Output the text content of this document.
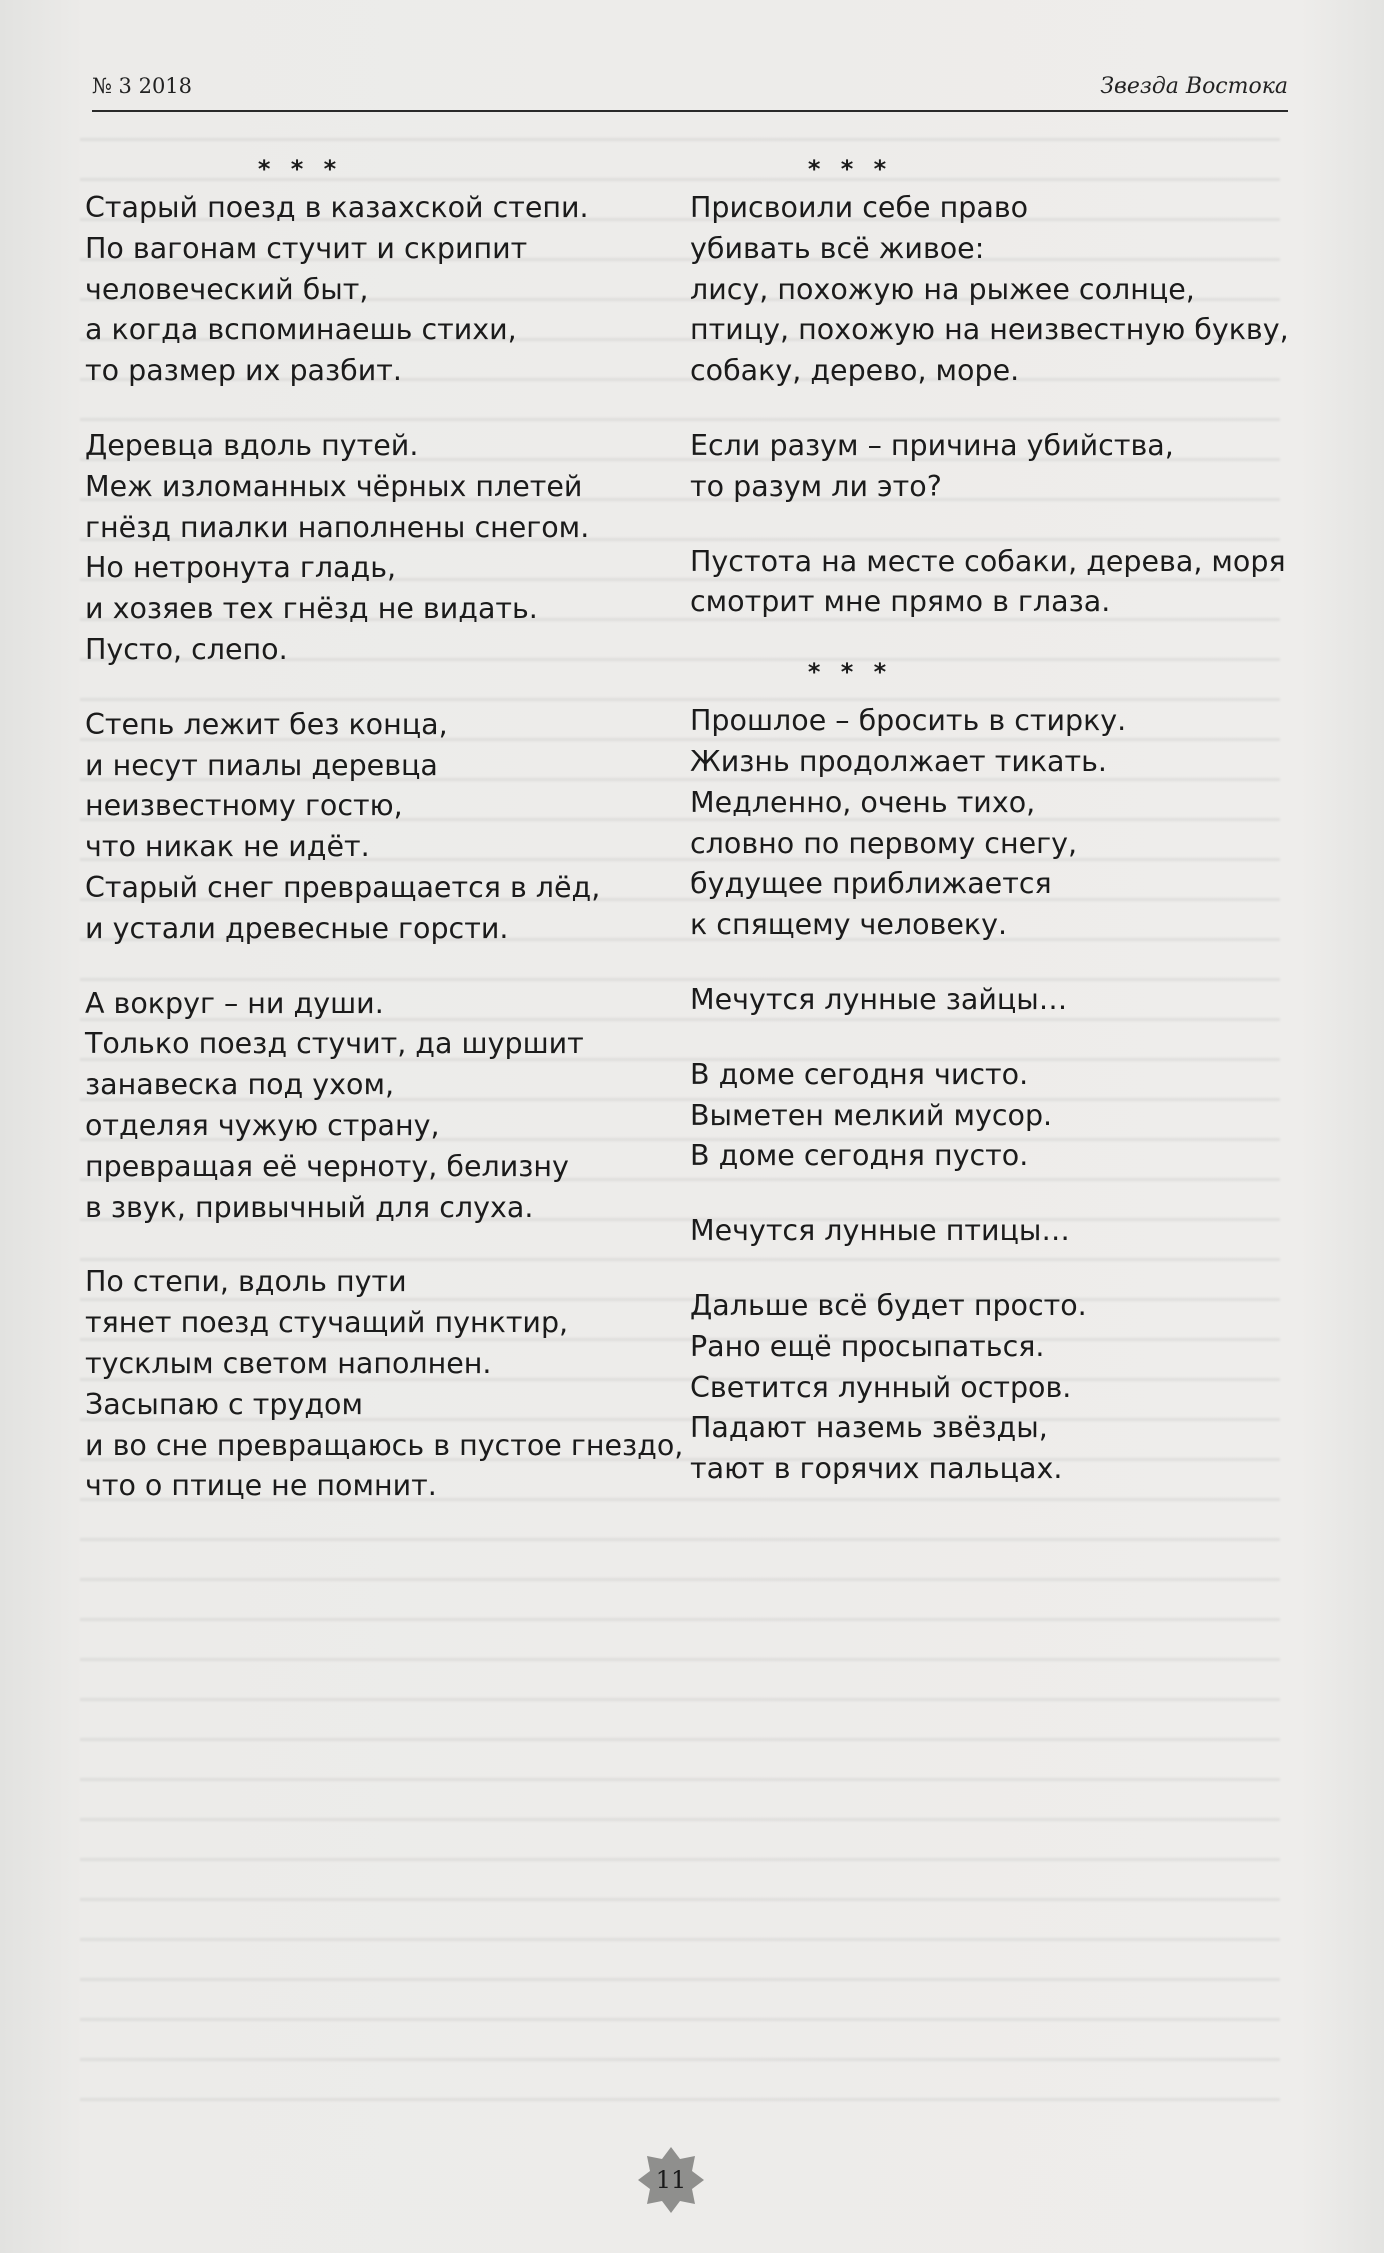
№ 3 2018	Звезда Востока
* * *
Старый поезд в казахской степи.
По вагонам стучит и скрипит
человеческий быт,
а когда вспоминаешь стихи,
то размер их разбит.
Деревца вдоль путей.
Меж изломанных чёрных плетей
гнёзд пиалки наполнены снегом.
Но нетронута гладь,
и хозяев тех гнёзд не видать.
Пусто, слепо.
Степь лежит без конца,
и несут пиалы деревца
неизвестному гостю,
что никак не идёт.
Старый снег превращается в лёд,
и устали древесные горсти.
А вокруг – ни души.
Только поезд стучит, да шуршит
занавеска под ухом,
отделяя чужую страну,
превращая её черноту, белизну
в звук, привычный для слуха.
По степи, вдоль пути
тянет поезд стучащий пунктир,
тусклым светом наполнен.
Засыпаю с трудом
и во сне превращаюсь в пустое гнездо,
что о птице не помнит.
* * *
Присвоили себе право
убивать всё живое:
лису, похожую на рыжее солнце,
птицу, похожую на неизвестную букву,
собаку, дерево, море.
Если разум – причина убийства,
то разум ли это?
Пустота на месте собаки, дерева, моря
смотрит мне прямо в глаза.
* * *
Прошлое – бросить в стирку.
Жизнь продолжает тикать.
Медленно, очень тихо,
словно по первому снегу,
будущее приближается
к спящему человеку.
Мечутся лунные зайцы…
В доме сегодня чисто.
Выметен мелкий мусор.
В доме сегодня пусто.
Мечутся лунные птицы…
Дальше всё будет просто.
Рано ещё просыпаться.
Светится лунный остров.
Падают наземь звёзды,
тают в горячих пальцах.
11
